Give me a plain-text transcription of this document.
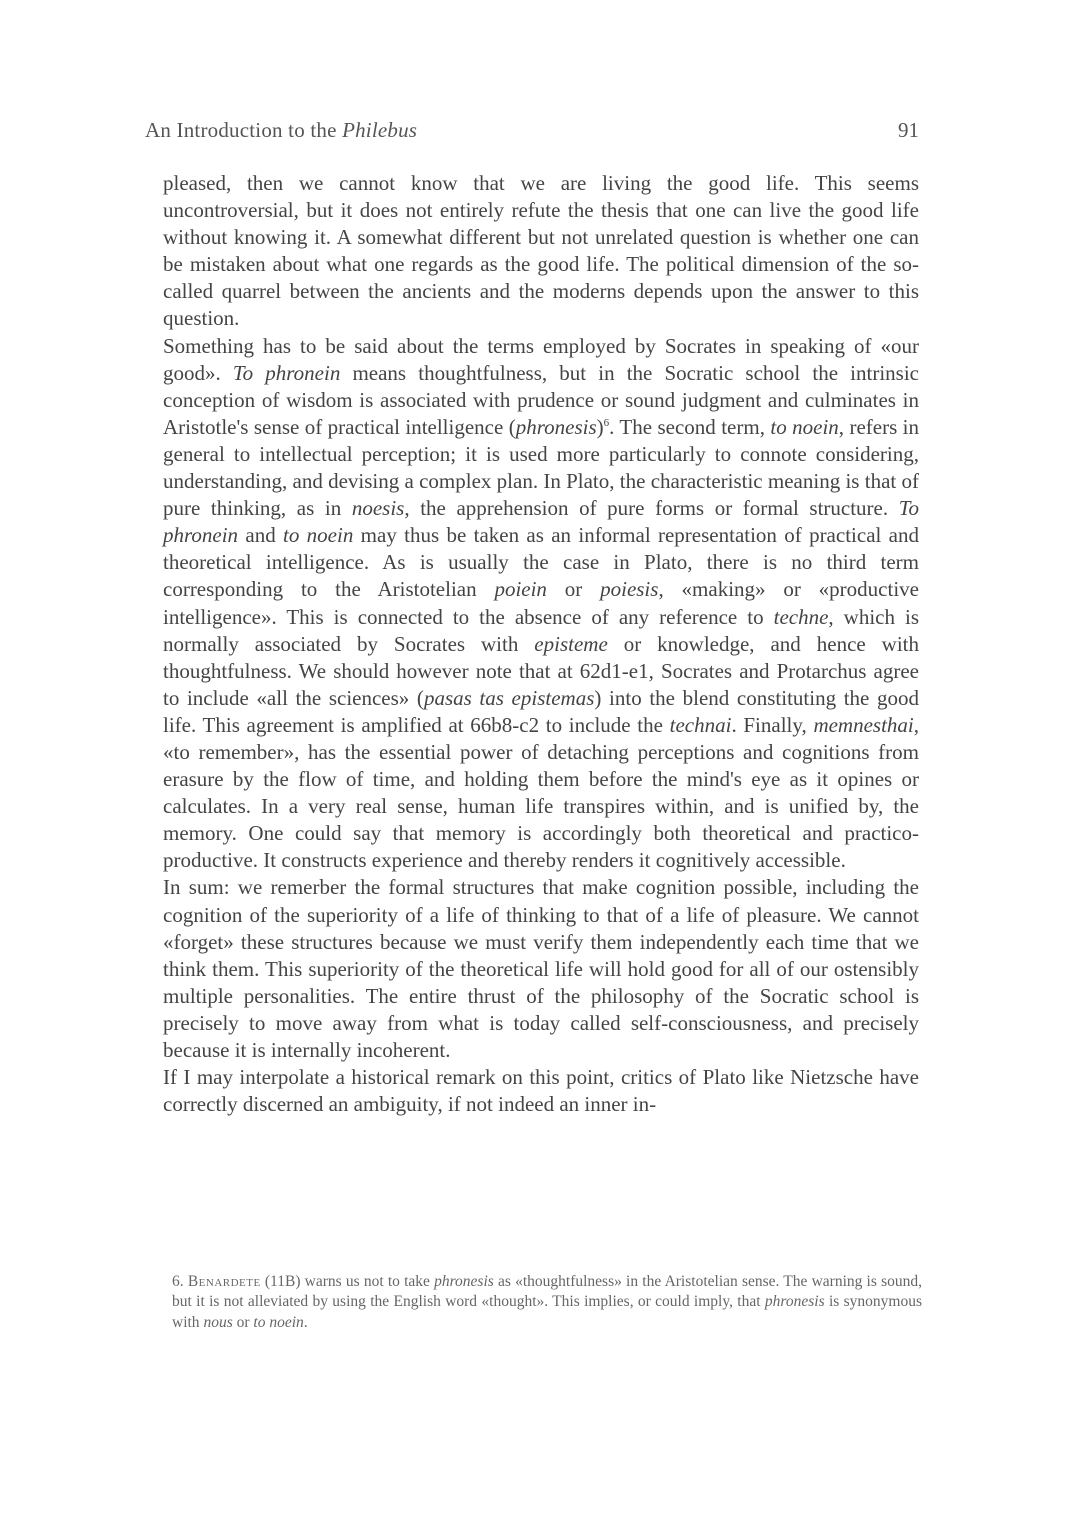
An Introduction to the Philebus	91

pleased, then we cannot know that we are living the good life. This seems uncontroversial, but it does not entirely refute the thesis that one can live the good life without knowing it. A somewhat different but not unrelated question is whether one can be mistaken about what one regards as the good life. The political dimension of the so-called quarrel between the ancients and the moderns depends upon the answer to this question.

Something has to be said about the terms employed by Socrates in speaking of «our good». To phronein means thoughtfulness, but in the Socratic school the intrinsic conception of wisdom is associated with prudence or sound judgment and culminates in Aristotle's sense of practical intelligence (phronesis)$^6$. The second term, to noein, refers in general to intellectual perception; it is used more particularly to connote considering, understanding, and devising a complex plan. In Plato, the characteristic meaning is that of pure thinking, as in noesis, the apprehension of pure forms or formal structure. To phronein and to noein may thus be taken as an informal representation of practical and theoretical intelligence. As is usually the case in Plato, there is no third term corresponding to the Aristotelian poiein or poiesis, «making» or «productive intelligence». This is connected to the absence of any reference to techne, which is normally associated by Socrates with episteme or knowledge, and hence with thoughtfulness. We should however note that at 62d1-e1, Socrates and Protarchus agree to include «all the sciences» (pasas tas epistemas) into the blend constituting the good life. This agreement is amplified at 66b8-c2 to include the technai. Finally, memnesthai, «to remember», has the essential power of detaching perceptions and cognitions from erasure by the flow of time, and holding them before the mind's eye as it opines or calculates. In a very real sense, human life transpires within, and is unified by, the memory. One could say that memory is accordingly both theoretical and practico-productive. It constructs experience and thereby renders it cognitively accessible.

In sum: we remerber the formal structures that make cognition possible, including the cognition of the superiority of a life of thinking to that of a life of pleasure. We cannot «forget» these structures because we must verify them independently each time that we think them. This superiority of the theoretical life will hold good for all of our ostensibly multiple personalities. The entire thrust of the philosophy of the Socratic school is precisely to move away from what is today called self-consciousness, and precisely because it is internally incoherent.

If I may interpolate a historical remark on this point, critics of Plato like Nietzsche have correctly discerned an ambiguity, if not indeed an inner in-

6. Benardete (11B) warns us not to take phronesis as «thoughtfulness» in the Aristotelian sense. The warning is sound, but it is not alleviated by using the English word «thought». This implies, or could imply, that phronesis is synonymous with nous or to noein.
